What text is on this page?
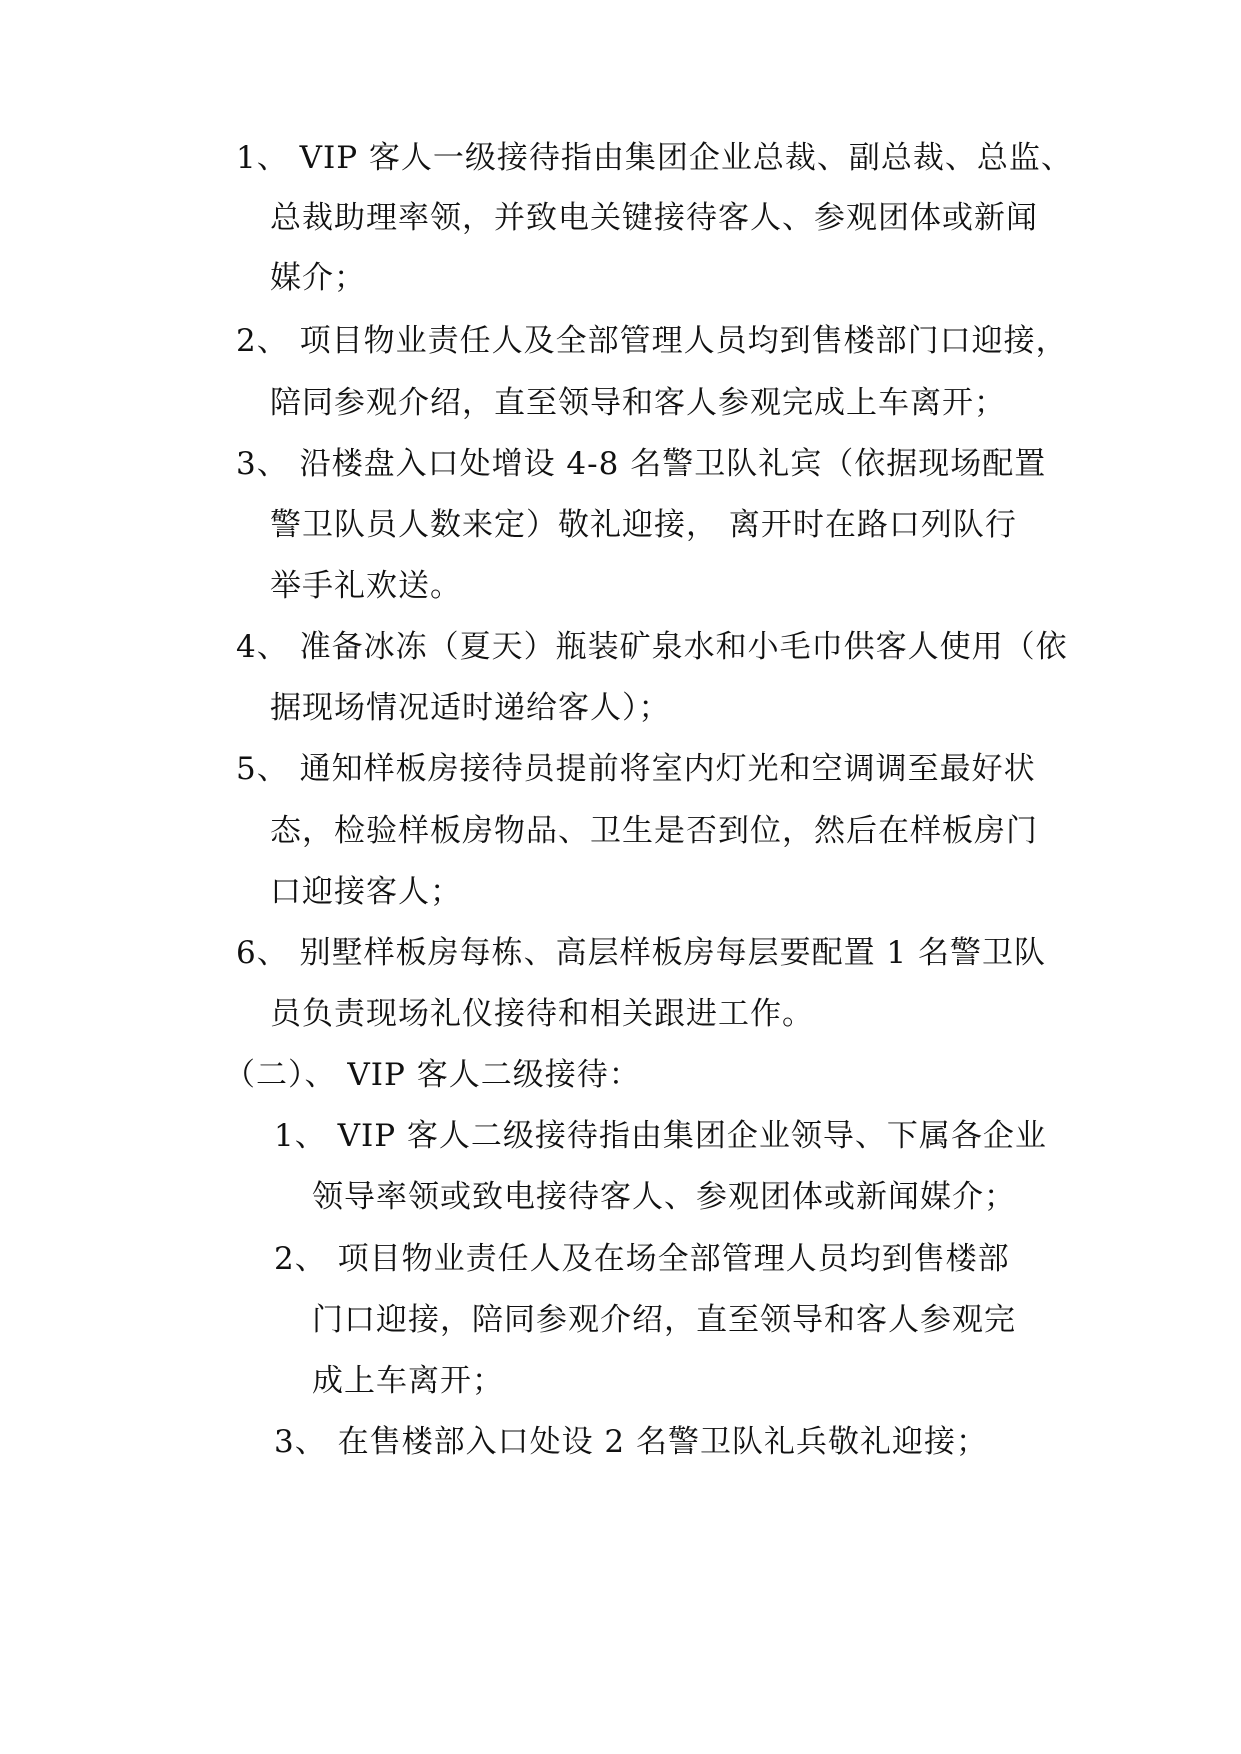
1、 VIP 客人一级接待指由集团企业总裁、副总裁、总监、
总裁助理率领，并致电关键接待客人、参观团体或新闻
媒介；
2、 项目物业责任人及全部管理人员均到售楼部门口迎接，
陪同参观介绍，直至领导和客人参观完成上车离开；
3、 沿楼盘入口处增设 4-8 名警卫队礼宾（依据现场配置
警卫队员人数来定）敬礼迎接， 离开时在路口列队行
举手礼欢送。
4、 准备冰冻（夏天）瓶装矿泉水和小毛巾供客人使用（依
据现场情况适时递给客人）；
5、 通知样板房接待员提前将室内灯光和空调调至最好状
态，检验样板房物品、卫生是否到位，然后在样板房门
口迎接客人；
6、 别墅样板房每栋、高层样板房每层要配置 1 名警卫队
员负责现场礼仪接待和相关跟进工作。
（二）、 VIP 客人二级接待：
1、 VIP 客人二级接待指由集团企业领导、下属各企业
领导率领或致电接待客人、参观团体或新闻媒介；
2、 项目物业责任人及在场全部管理人员均到售楼部
门口迎接，陪同参观介绍，直至领导和客人参观完
成上车离开；
3、 在售楼部入口处设 2 名警卫队礼兵敬礼迎接；
